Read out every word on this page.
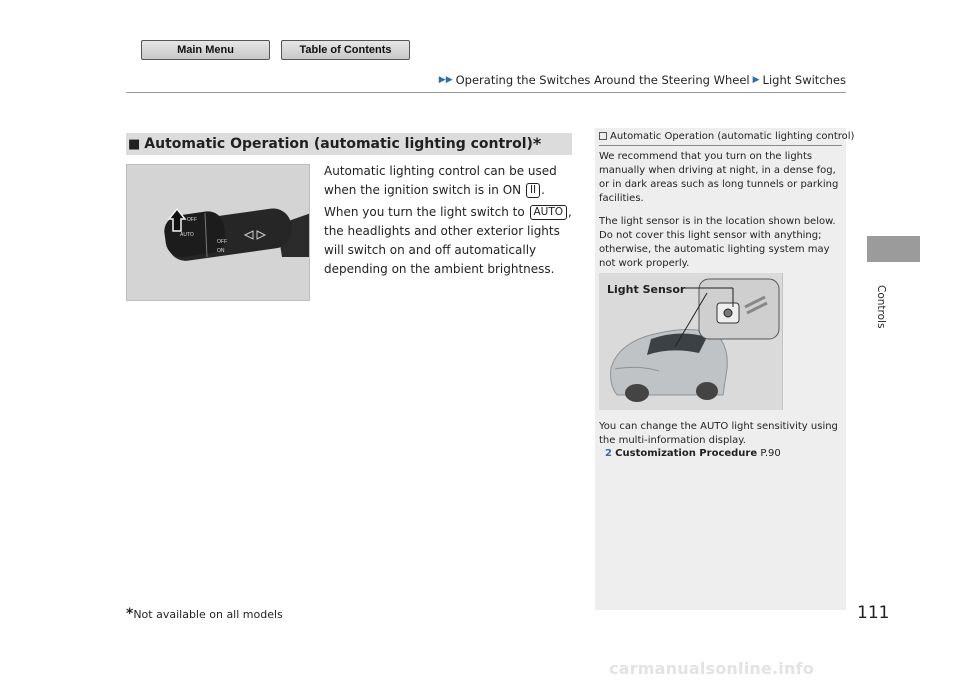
Main Menu	Table of Contents
▶▶ Operating the Switches Around the Steering Wheel ▶ Light Switches
■ Automatic Operation (automatic lighting control) *
OFF
AUTO
OFF
ON
Automatic lighting control can be used when the ignition switch is in ON II .
When you turn the light switch to AUTO , the headlights and other exterior lights will switch on and off automatically depending on the ambient brightness.
Automatic Operation (automatic lighting control)
We recommend that you turn on the lights manually when driving at night, in a dense fog, or in dark areas such as long tunnels or parking facilities.
The light sensor is in the location shown below. Do not cover this light sensor with anything; otherwise, the automatic lighting system may not work properly.
Light Sensor
You can change the AUTO light sensitivity using the multi-information display.
2 Customization Procedure P.90
Controls
111
*Not available on all models
carmanualsonline.info
